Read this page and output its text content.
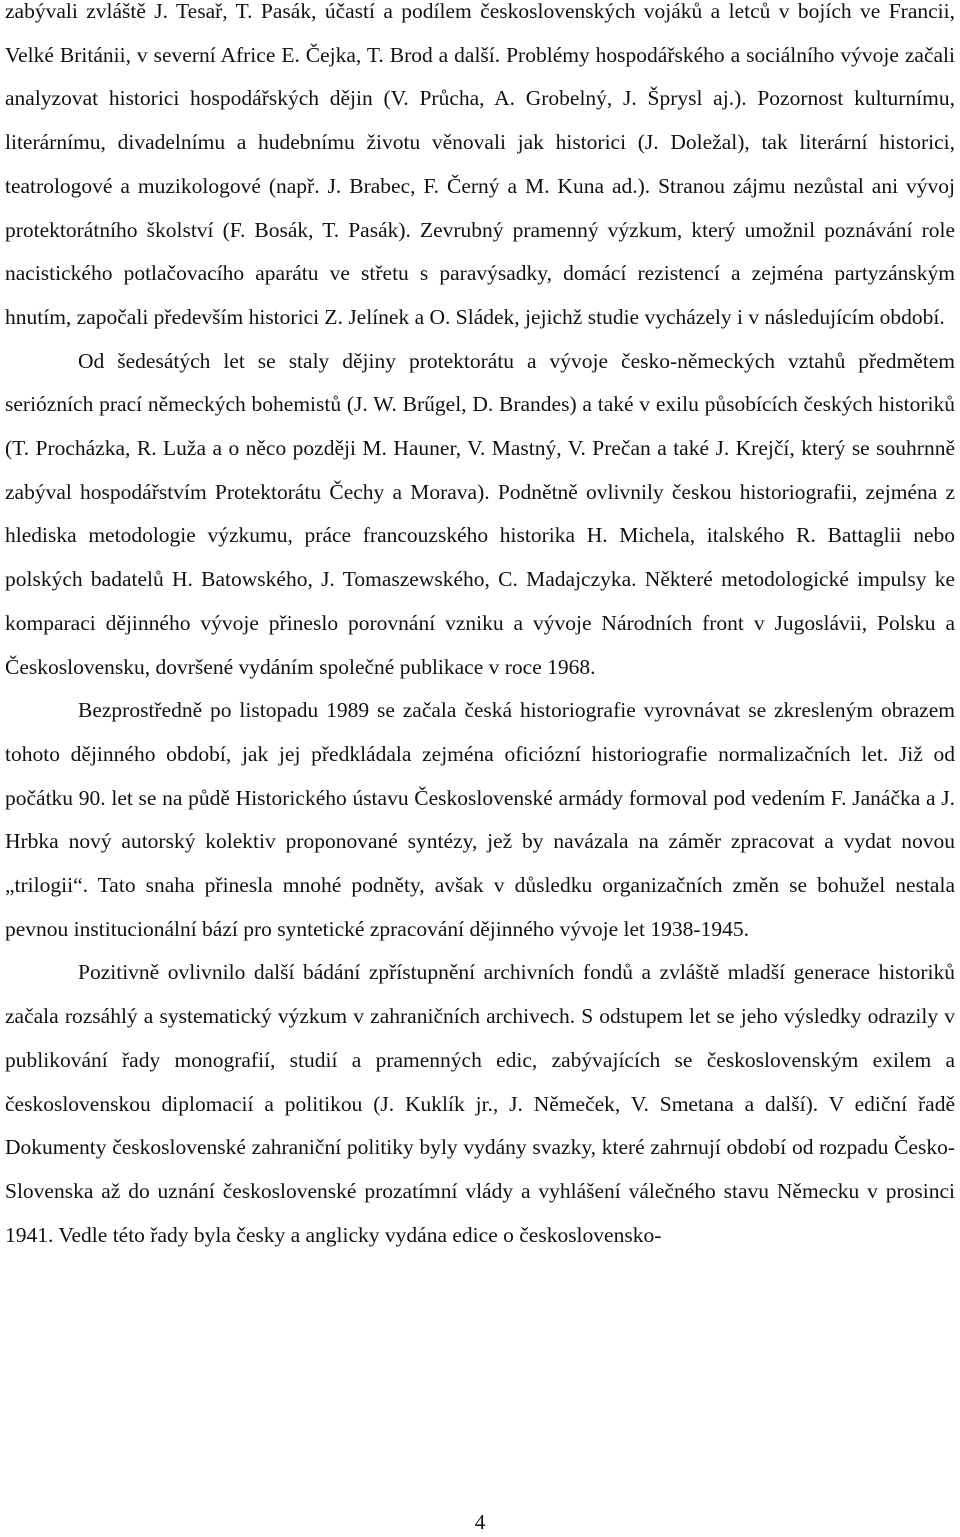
zabývali zvláště J. Tesař, T. Pasák, účastí a podílem československých vojáků a letců v bojích ve Francii, Velké Británii, v severní Africe E. Čejka, T. Brod a další. Problémy hospodářského a sociálního vývoje začali analyzovat historici hospodářských dějin (V. Průcha, A. Grobelný, J. Šprysl aj.). Pozornost kulturnímu, literárnímu, divadelnímu a hudebnímu životu věnovali jak historici (J. Doležal), tak literární historici, teatrologové a muzikologové (např. J. Brabec, F. Černý a M. Kuna ad.). Stranou zájmu nezůstal ani vývoj protektorátního školství (F. Bosák, T. Pasák). Zevrubný pramenný výzkum, který umožnil poznávání role nacistického potlačovacího aparátu ve střetu s paravýsadky, domácí rezistencí a zejména partyzánským hnutím, započali především historici Z. Jelínek a O. Sládek, jejichž studie vycházely i v následujícím období.

Od šedesátých let se staly dějiny protektorátu a vývoje česko-německých vztahů předmětem seriózních prací německých bohemistů (J. W. Brűgel, D. Brandes) a také v exilu působících českých historiků (T. Procházka, R. Luža a o něco později M. Hauner, V. Mastný, V. Prečan a také J. Krejčí, který se souhrnně zabýval hospodářstvím Protektorátu Čechy a Morava). Podnětně ovlivnily českou historiografii, zejména z hlediska metodologie výzkumu, práce francouzského historika H. Michela, italského R. Battaglii nebo polských badatelů H. Batowského, J. Tomaszewského, C. Madajczyka. Některé metodologické impulsy ke komparaci dějinného vývoje přineslo porovnání vzniku a vývoje Národních front v Jugoslávii, Polsku a Československu, dovršené vydáním společné publikace v roce 1968.

Bezprostředně po listopadu 1989 se začala česká historiografie vyrovnávat se zkresleným obrazem tohoto dějinného období, jak jej předkládala zejména oficiózní historiografie normalizačních let. Již od počátku 90. let se na půdě Historického ústavu Československé armády formoval pod vedením F. Janáčka a J. Hrbka nový autorský kolektiv proponované syntézy, jež by navázala na záměr zpracovat a vydat novou „trilogii“. Tato snaha přinesla mnohé podněty, avšak v důsledku organizačních změn se bohužel nestala pevnou institucionální bází pro syntetické zpracování dějinného vývoje let 1938-1945.

Pozitivně ovlivnilo další bádání zpřístupnění archivních fondů a zvláště mladší generace historiků začala rozsáhlý a systematický výzkum v zahraničních archivech. S odstupem let se jeho výsledky odrazily v publikování řady monografií, studií a pramenných edic, zabývajících se československým exilem a československou diplomacií a politikou (J. Kuklík jr., J. Němeček, V. Smetana a další). V ediční řadě Dokumenty československé zahraniční politiky byly vydány svazky, které zahrnují období od rozpadu Česko-Slovenska až do uznání československé prozatímní vlády a vyhlášení válečného stavu Německu v prosinci 1941. Vedle této řady byla česky a anglicky vydána edice o československo-

4
